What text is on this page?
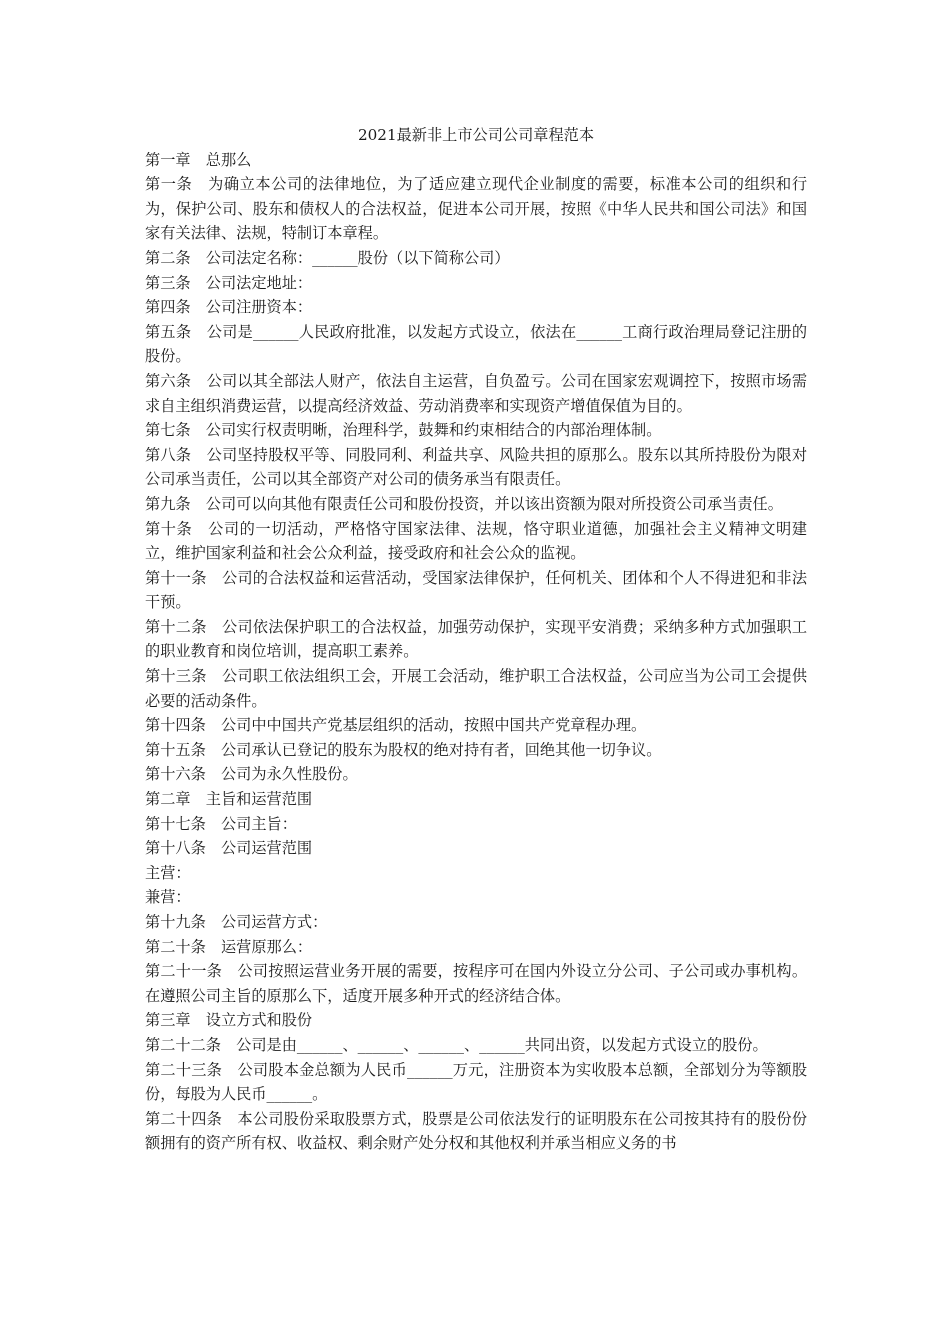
2021最新非上市公司公司章程范本

第一章　总那么

第一条　为确立本公司的法律地位，为了适应建立现代企业制度的需要，标准本公司的组织和行为，保护公司、股东和债权人的合法权益，促进本公司开展，按照《中华人民共和国公司法》和国家有关法律、法规，特制订本章程。

第二条　公司法定名称：______股份（以下简称公司）

第三条　公司法定地址：

第四条　公司注册资本：

第五条　公司是______人民政府批准，以发起方式设立，依法在______工商行政治理局登记注册的股份。

第六条　公司以其全部法人财产，依法自主运营，自负盈亏。公司在国家宏观调控下，按照市场需求自主组织消费运营，以提高经济效益、劳动消费率和实现资产增值保值为目的。

第七条　公司实行权责明晰，治理科学，鼓舞和约束相结合的内部治理体制。

第八条　公司坚持股权平等、同股同利、利益共享、风险共担的原那么。股东以其所持股份为限对公司承当责任，公司以其全部资产对公司的债务承当有限责任。

第九条　公司可以向其他有限责任公司和股份投资，并以该出资额为限对所投资公司承当责任。

第十条　公司的一切活动，严格恪守国家法律、法规，恪守职业道德，加强社会主义精神文明建立，维护国家利益和社会公众利益，接受政府和社会公众的监视。

第十一条　公司的合法权益和运营活动，受国家法律保护，任何机关、团体和个人不得进犯和非法干预。

第十二条　公司依法保护职工的合法权益，加强劳动保护，实现平安消费；采纳多种方式加强职工的职业教育和岗位培训，提高职工素养。

第十三条　公司职工依法组织工会，开展工会活动，维护职工合法权益，公司应当为公司工会提供必要的活动条件。

第十四条　公司中中国共产党基层组织的活动，按照中国共产党章程办理。

第十五条　公司承认已登记的股东为股权的绝对持有者，回绝其他一切争议。

第十六条　公司为永久性股份。

第二章　主旨和运营范围

第十七条　公司主旨：

第十八条　公司运营范围

主营：

兼营：

第十九条　公司运营方式：

第二十条　运营原那么：

第二十一条　公司按照运营业务开展的需要，按程序可在国内外设立分公司、子公司或办事机构。在遵照公司主旨的原那么下，适度开展多种开式的经济结合体。

第三章　设立方式和股份

第二十二条　公司是由______、______、______、______共同出资，以发起方式设立的股份。

第二十三条　公司股本金总额为人民币______万元，注册资本为实收股本总额，全部划分为等额股份，每股为人民币______。

第二十四条　本公司股份采取股票方式，股票是公司依法发行的证明股东在公司按其持有的股份份额拥有的资产所有权、收益权、剩余财产处分权和其他权利并承当相应义务的书
